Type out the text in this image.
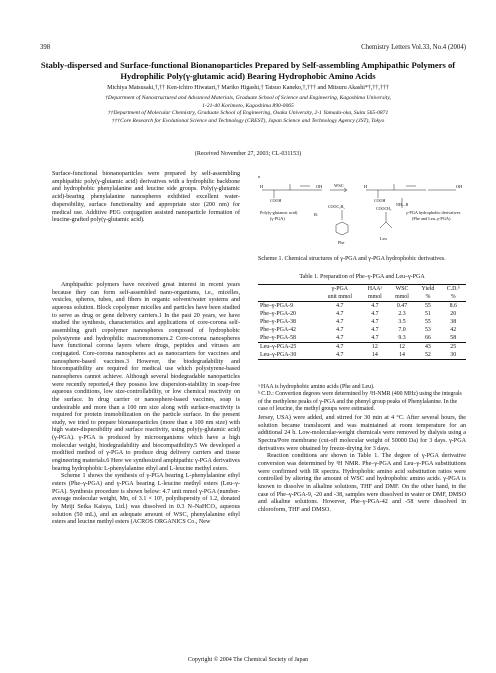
398	Chemistry Letters Vol.33, No.4 (2004)
Stably-dispersed and Surface-functional Bionanoparticles Prepared by Self-assembling Amphipathic Polymers of Hydrophilic Poly(γ-glutamic acid) Bearing Hydrophobic Amino Acids
Michiya Matsusaki,†,†† Ken-ichiro Hiwatari,† Mariko Higashi,† Tatsuo Kaneko,†,††† and Mitsuru Akashi*†,††,†††
†Department of Nanostructured and Advanced Materials, Graduate School of Science and Engineering, Kagoshima University,
1-21-40 Korimoto, Kagoshima 890-0065
††Department of Molecular Chemistry, Graduate School of Engineering, Osaka University, 2-1 Yamada-oka, Suita 565-0871
†††Core Research for Evolutional Science and Technology (CREST), Japan Science and Technology Agency (JST), Tokyo
(Received November 27, 2003; CL-031153)
Surface-functional bionanoparticles were prepared by self-assembling amphipathic poly(γ-glutamic acid) derivatives with a hydrophilic backbone and hydrophobic phenylalanine and leucine side groups. Poly(γ-glutamic acid)-bearing phenylalanine nanospheres exhibited excellent water-dispersibility, surface functionality and appropriate size (200 nm) for medical use. Additive PEG conjugation assisted nanoparticle formation of leucine-grafted poly(γ-glutamic acid).

Amphipathic polymers have received great interest in recent years because they can form self-assembled nano-organisms, i.e., micelles, vesicles, spheres, tubes, and fibers in organic solvent/water systems and aqueous solution. Block copolymer micelles and particles have been studied to serve as drug or gene delivery carriers.1 In the past 20 years, we have studied the synthesis, characteristics and applications of core-corona self-assembling graft copolymer nanospheres composed of hydrophobic polystyrene and hydrophilic macromonomers.2 Core-corona nanospheres have functional corona layers where drugs, peptides and viruses are conjugated. Core-corona nanospheres act as nanocarriers for vaccines and nanosphere-based vaccines.3 However, the biodegradability and biocompatibility are required for medical use which polystyrene-based nanospheres cannot achieve. Although several biodegradable nanoparticles were recently reported,4 they possess low dispersion-stability in soap-free aqueous conditions, low size-controllability, or low chemical reactivity on the surface. In drug carrier or nanosphere-based vaccines, soap is undesirable and more than a 100 nm size along with surface-reactivity is required for protein immobilization on the particle surface. In the present study, we tried to prepare bionanoparticles (more than a 100 nm size) with high water-dispersibility and surface reactivity, using poly(γ-glutamic acid) (γ-PGA). γ-PGA is produced by microorganisms which have a high molecular weight, biodegradability and biocompatibility.5 We developed a modified method of γ-PGA to produce drug delivery carriers and tissue engineering materials.6 Here we synthesized amphipathic γ-PGA derivatives bearing hydrophobic L-phenylalanine ethyl and L-leucine methyl esters.

Scheme 1 shows the synthesis of γ-PGA bearing L-phenylalanine ethyl esters (Phe–γ-PGA) and γ-PGA bearing L-leucine methyl esters (Leu–γ-PGA). Synthesis procedure is shown below: 4.7 unit mmol γ-PGA (number-average molecular weight, Mn, of 3.1 × 10⁵, polydispersity of 1.2, donated by Meiji Seika Kaisya, Ltd.) was dissolved in 0.3 N–NaHCO₃ aqueous solution (50 mL), and an adequate amount of WSC, phenylalanine ethyl esters and leucine methyl esters (ACROS ORGANICS Co., New

H	OH
COOH
n
WSC	H	OH
COOH
NH—R
Poly(γ-glutamic acid)
(γ-PGA)
γ-PGA hydrophobic derivatives
(Phe and Leu–γ-PGA)
R:
COOC₂H₅	COOCH₃
Phe
Leu
Scheme 1. Chemical structures of γ-PGA and γ-PGA hydrophobic derivatives.
Table 1. Preparation of Phe–γ-PGA and Leu–γ-PGA
	γ-PGA	HAAᵃ	WSC	Yield	C.D.ᵇ
	unit mmol	mmol	mmol	%	%
Phe–γ-PGA-9	4.7	4.7	0.47	55	8.6
Phe–γ-PGA-20	4.7	4.7	2.3	51	20
Phe–γ-PGA-38	4.7	4.7	3.5	55	38
Phe–γ-PGA-42	4.7	4.7	7.0	53	42
Phe–γ-PGA-58	4.7	4.7	9.3	66	58
Leu–γ-PGA-25	4.7	12	12	43	25
Leu–γ-PGA-30	4.7	14	14	52	30

ᵃ HAA is hydrophobic amino acids (Phe and Leu).

ᵇ C.D.: Convertion degrees were determined by ¹H-NMR (400 MHz) using the integrals of the methylene peaks of γ-PGA and the phenyl group peaks of Phenylalanine. In the case of leucine, the methyl groups were estimated.

Jersey, USA) were added, and stirred for 30 min at 4 °C. After several hours, the solution became translucent and was maintained at room temperature for an additional 24 h. Low-molecular-weight chemicals were removed by dialysis using a Spectra/Pore membrane (cut-off molecular weight of 50000 Da) for 3 days. γ-PGA derivatives were obtained by freeze-drying for 3 days.

Reaction conditions are shown in Table 1. The degree of γ-PGA derivative conversion was determined by ¹H NMR. Phe–γ-PGA and Leu–γ-PGA substitutions were confirmed with IR spectra. Hydrophobic amino acid substitution ratios were controlled by altering the amount of WSC and hydrophobic amino acids. γ-PGA is known to dissolve in alkaline solutions, THF and DMF. On the other hand, in the case of Phe–γ-PGA-9, -20 and -38, samples were dissolved in water or DMF, DMSO and alkaline solutions. However, Phe–γ-PGA-42 and -58 were dissolved in chloroform, THF and DMSO.

Copyright © 2004 The Chemical Society of Japan
